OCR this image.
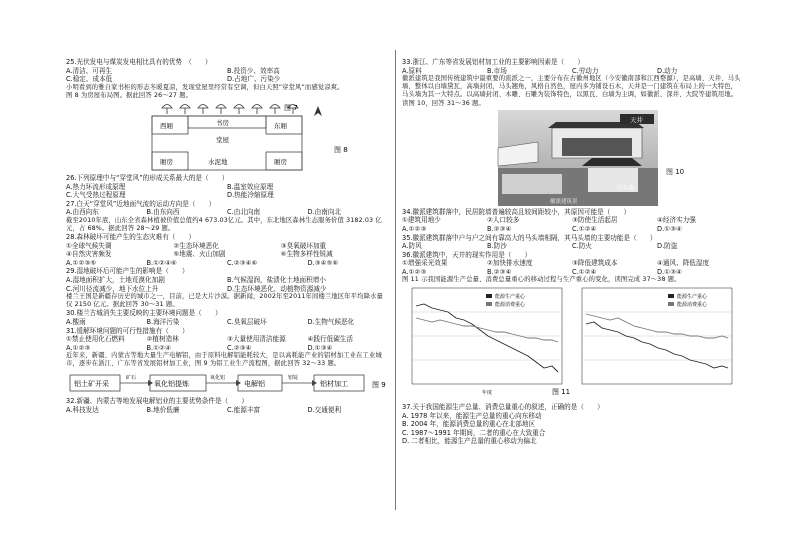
25.光伏发电与煤炭发电相比具有的优势　（　　）

A.清洁、可再生	B.投资少、效率高
C.稳定、成本低	D.占地广、污染少

小明看到的雅自家书柜的形态冬暖夏凉，发现堂屋里经常有空调，但白天照“穿堂风”而感觉凉爽。

图 8 为房屋布局图。据此回答 26～27 题。

书房
西厢
堂屋
东厢
水泥地
厢房	厢房
图 8
图 7

26.下列原理中与“穿堂风”的形成关系最大的是（　　）

A.热力环流形成原理	B.温室效应原理
C.大气受热过程原理	D.热能冷缩原理

27.白天“穿堂风”近地面气流的运动方向是（　　）

A.由西向东	B.由东向西	C.由北向南	D.由南向北

截至2010年底，山东全省森林植被价值总值约4 673.03亿元。其中，东北地区森林生态服务价值 3182.03 亿元，占 68%。据此回答 28～29 题。

28.森林破坏可能产生的生态灾难有（　　）

①全球气候失调	②生态环境恶化	③臭氧破坏加重
④自然灾害频发	⑤地震、火山加剧	⑥生物多样性锐减
A.①②③⑤	B.①②④⑥	C.②③④⑥	D.③④⑤⑥

29.湿地破坏后可能产生的影响是（　　）

A.湿地面积扩大，土地荒漠化加剧	B.气候湿润，盐渍化土地面积增小
C.河川径流减少，地下水位上升	D.生态环境恶化，动植物资源减少

楼兰王国是新疆存历史的城市之一，目前，已是大片沙漠。据新闻，2002年至2011年间楼兰地区年平均降水量仅 2150 亿元。据此回答 30～31 题。

30.楼兰古城消失主要反映的主要环境问题是（　　）

A.酸雨	B.海洋污染	C.臭氧层破坏	D.生物气候恶化

31.缓解环境问题的可行性措施有（　　）

①禁止使用化石燃料	②植树造林	③大量使用清洁能源	④践行低碳生活
A.①②③	B.①②④	C.②③④	D.①③④

近年来，新疆、内蒙古等地大量生产电解铝，由于原料电解铝能耗较大，是以高耗能产业的铝材加工业在工业城市，逐步在浙江、广东等省发展铝材加工业，图 9 为铝工业生产流程图，据此回答 32～33 题。

铝土矿开采	氧化铝提炼	电解铝	铝材加工
矿石	氧化铝	铝锭
图 9

32.新疆、内蒙古等地发展电解铝业的主要优势条件是（　　）

A.科技发达	B.地价低廉	C.能源丰富	D.交通便利

33.浙江、广东等省发展铝材加工业的主要影响因素是（　　）

A.原料	B.市场	C.劳动力	D.动力

徽派建筑是我国传统建筑中最重要的流派之一，主要分布在古徽州地区（今安徽南部和江西婺源），是高墙、天井、马头墙，整体以白墙黛瓦，高墙封闭，马头翘角，风格自然色，屋内多为铺设石木，天井是一门建筑在布局上的一大特色，马头墙为其一大特点。以高墙封闭、木雕、石雕为装饰特色，以黑瓦、白墙为主调，如徽派、深井、大院等建筑用地。读图 10，回答 31～36 题。

天井
马头墙
徽派建筑景
图 10

34.徽派建筑群落中，民居院墙普遍较高且较间距较小，其原因可能是（　　）

①建筑用地少	②人口较多	③防使生活起居	④经济实力强
A.①②③	B.②③④	C.①②④	D.①③④

35.徽派建筑群落中户与户之间有靠高大的马头墙相隔，其马头墙的主要功能是（　　）

A.防风	B.防沙	C.防火	D.防盗

36.徽派建筑中，天井的现实作用是（　　）

①增强采光效果	②加快排水速度	③降低建筑成本	④通风、降低湿度
A.①②③	B.②③④	C.①②④	D.①③④

图 11 示我国能源生产总量、消费总量重心的移动过程与生产重心的变化，读图完成 37～38 题。

能源生产重心
能源消费重心
年度
能源生产重心
能源消费重心
图 11

37.关于我国能源生产总量、消费总量重心的叙述，正确的是（　　）

A. 1978 年以来，能源生产总量的重心向东移动

B. 2004 年，能源消费总量的重心在北部地区

C. 1987～1991 年期间，二者的重心在大致重合

D. 二者相比，能源生产总量的重心移动为偏北
